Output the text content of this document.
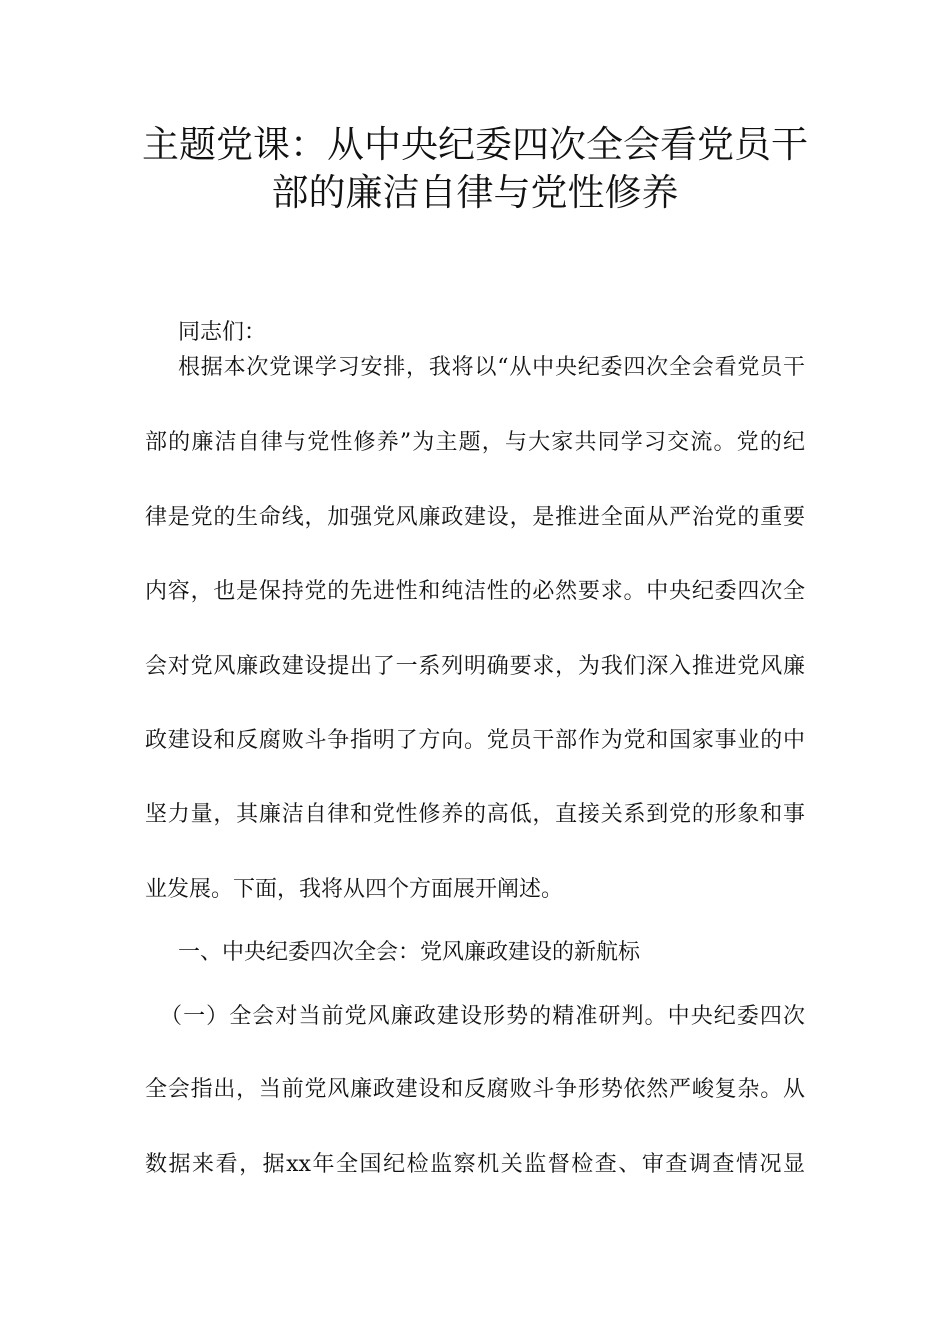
主题党课：从中央纪委四次全会看党员干
部的廉洁自律与党性修养
同志们：
根据本次党课学习安排，我将以“从中央纪委四次全会看党员干
部的廉洁自律与党性修养”为主题，与大家共同学习交流。党的纪
律是党的生命线，加强党风廉政建设，是推进全面从严治党的重要
内容，也是保持党的先进性和纯洁性的必然要求。中央纪委四次全
会对党风廉政建设提出了一系列明确要求，为我们深入推进党风廉
政建设和反腐败斗争指明了方向。党员干部作为党和国家事业的中
坚力量，其廉洁自律和党性修养的高低，直接关系到党的形象和事
业发展。下面，我将从四个方面展开阐述。
一、中央纪委四次全会：党风廉政建设的新航标
（一）全会对当前党风廉政建设形势的精准研判。中央纪委四次
全会指出，当前党风廉政建设和反腐败斗争形势依然严峻复杂。从
数据来看，据xx年全国纪检监察机关监督检查、审查调查情况显
